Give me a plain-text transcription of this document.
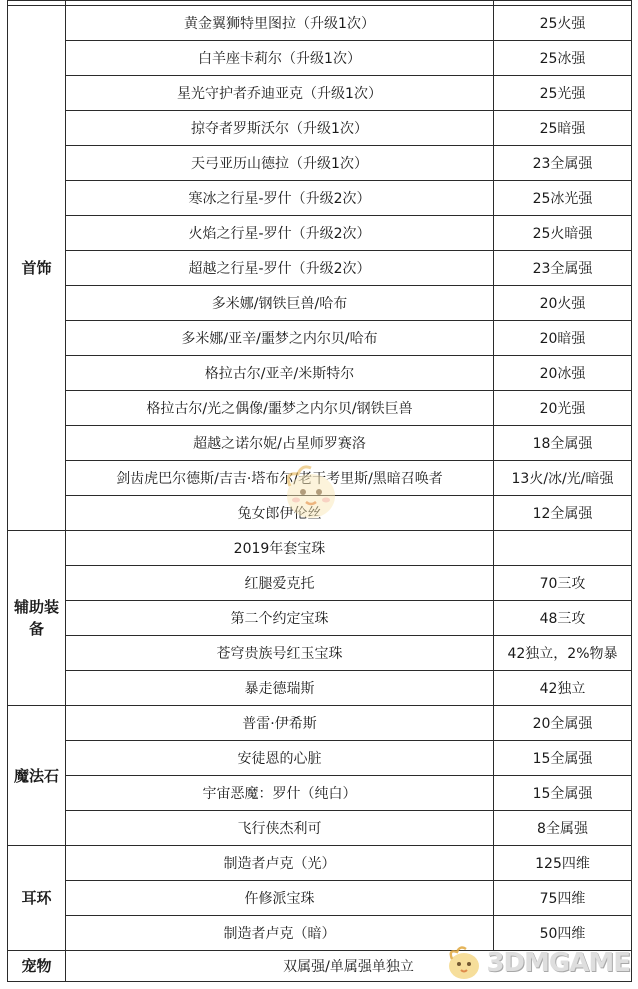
首饰	黄金翼狮特里图拉（升级1次）	25火强
	白羊座卡莉尔（升级1次）	25冰强
	星光守护者乔迪亚克（升级1次）	25光强
	掠夺者罗斯沃尔（升级1次）	25暗强
	天弓亚历山德拉（升级1次）	23全属强
	寒冰之行星-罗什（升级2次）	25冰光强
	火焰之行星-罗什（升级2次）	25火暗强
	超越之行星-罗什（升级2次）	23全属强
	多米娜/钢铁巨兽/哈布	20火强
	多米娜/亚辛/噩梦之内尔贝/哈布	20暗强
	格拉古尔/亚辛/米斯特尔	20冰强
	格拉古尔/光之偶像/噩梦之内尔贝/钢铁巨兽	20光强
	超越之诺尔妮/占星师罗赛洛	18全属强
	剑齿虎巴尔德斯/吉吉·塔布尔/老干考里斯/黑暗召唤者	13火/冰/光/暗强
	兔女郎伊伦丝	12全属强
辅助装备	2019年套宝珠	
	红腿爱克托	70三攻
	第二个约定宝珠	48三攻
	苍穹贵族号红玉宝珠	42独立，2%物暴
	暴走德瑞斯	42独立
魔法石	普雷·伊希斯	20全属强
	安徒恩的心脏	15全属强
	宇宙恶魔：罗什（纯白）	15全属强
	飞行侠杰利可	8全属强
耳环	制造者卢克（光）	125四维
	仵修派宝珠	75四维
	制造者卢克（暗）	50四维
宠物	双属强/单属强单独立		3DMGAME
